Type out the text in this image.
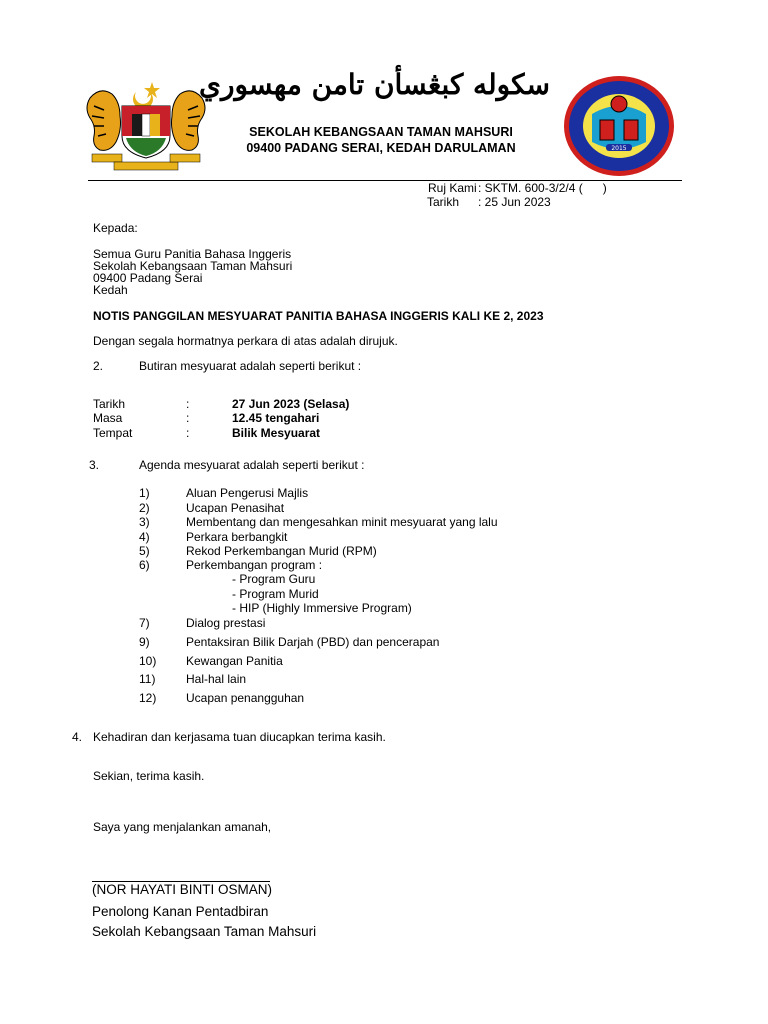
سكوله كبڠسأن تامن مهسوري
SEKOLAH KEBANGSAAN TAMAN MAHSURI
09400 PADANG SERAI, KEDAH DARULAMAN	2015
Ruj Kami : SKTM. 600-3/2/4 (      )
Tarikh : 25 Jun 2023
Kepada:
Semua Guru Panitia Bahasa Inggeris
Sekolah Kebangsaan Taman Mahsuri
09400 Padang Serai
Kedah
NOTIS PANGGILAN MESYUARAT PANITIA BAHASA INGGERIS KALI KE 2, 2023
Dengan segala hormatnya perkara di atas adalah dirujuk.
2.	Butiran mesyuarat adalah seperti berikut :
Tarikh	:	27 Jun 2023 (Selasa)
Masa	:	12.45 tengahari
Tempat	:	Bilik Mesyuarat
3.	Agenda mesyuarat adalah seperti berikut :
1)	Aluan Pengerusi Majlis
2)	Ucapan Penasihat
3)	Membentang dan mengesahkan minit mesyuarat yang lalu
4)	Perkara berbangkit
5)	Rekod Perkembangan Murid (RPM)
6)	Perkembangan program :
- Program Guru
- Program Murid
- HIP (Highly Immersive Program)
7)	Dialog prestasi
9)	Pentaksiran Bilik Darjah (PBD) dan pencerapan
10) Kewangan Panitia
11)	Hal-hal lain
12) Ucapan penangguhan
4. Kehadiran dan kerjasama tuan diucapkan terima kasih.
Sekian, terima kasih.
Saya yang menjalankan amanah,
(NOR HAYATI BINTI OSMAN)
Penolong Kanan Pentadbiran
Sekolah Kebangsaan Taman Mahsuri
